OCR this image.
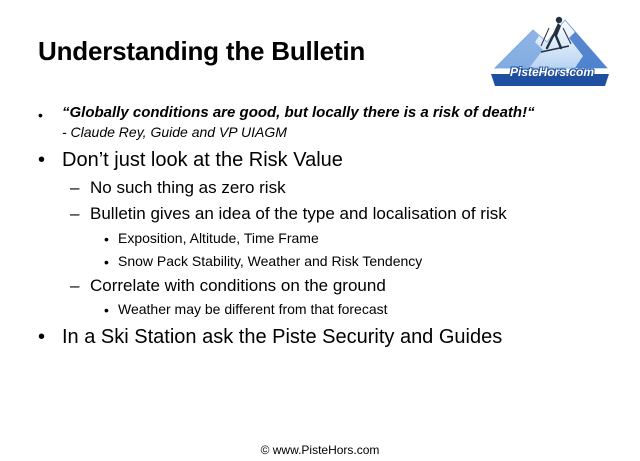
Understanding the Bulletin
PisteHors.com
• “Globally conditions are good, but locally there is a risk of death!“
- Claude Rey, Guide and VP UIAGM
• Don’t just look at the Risk Value
– No such thing as zero risk
– Bulletin gives an idea of the type and localisation of risk
• Exposition, Altitude, Time Frame
• Snow Pack Stability, Weather and Risk Tendency
– Correlate with conditions on the ground
• Weather may be different from that forecast
• In a Ski Station ask the Piste Security and Guides
© www.PisteHors.com
